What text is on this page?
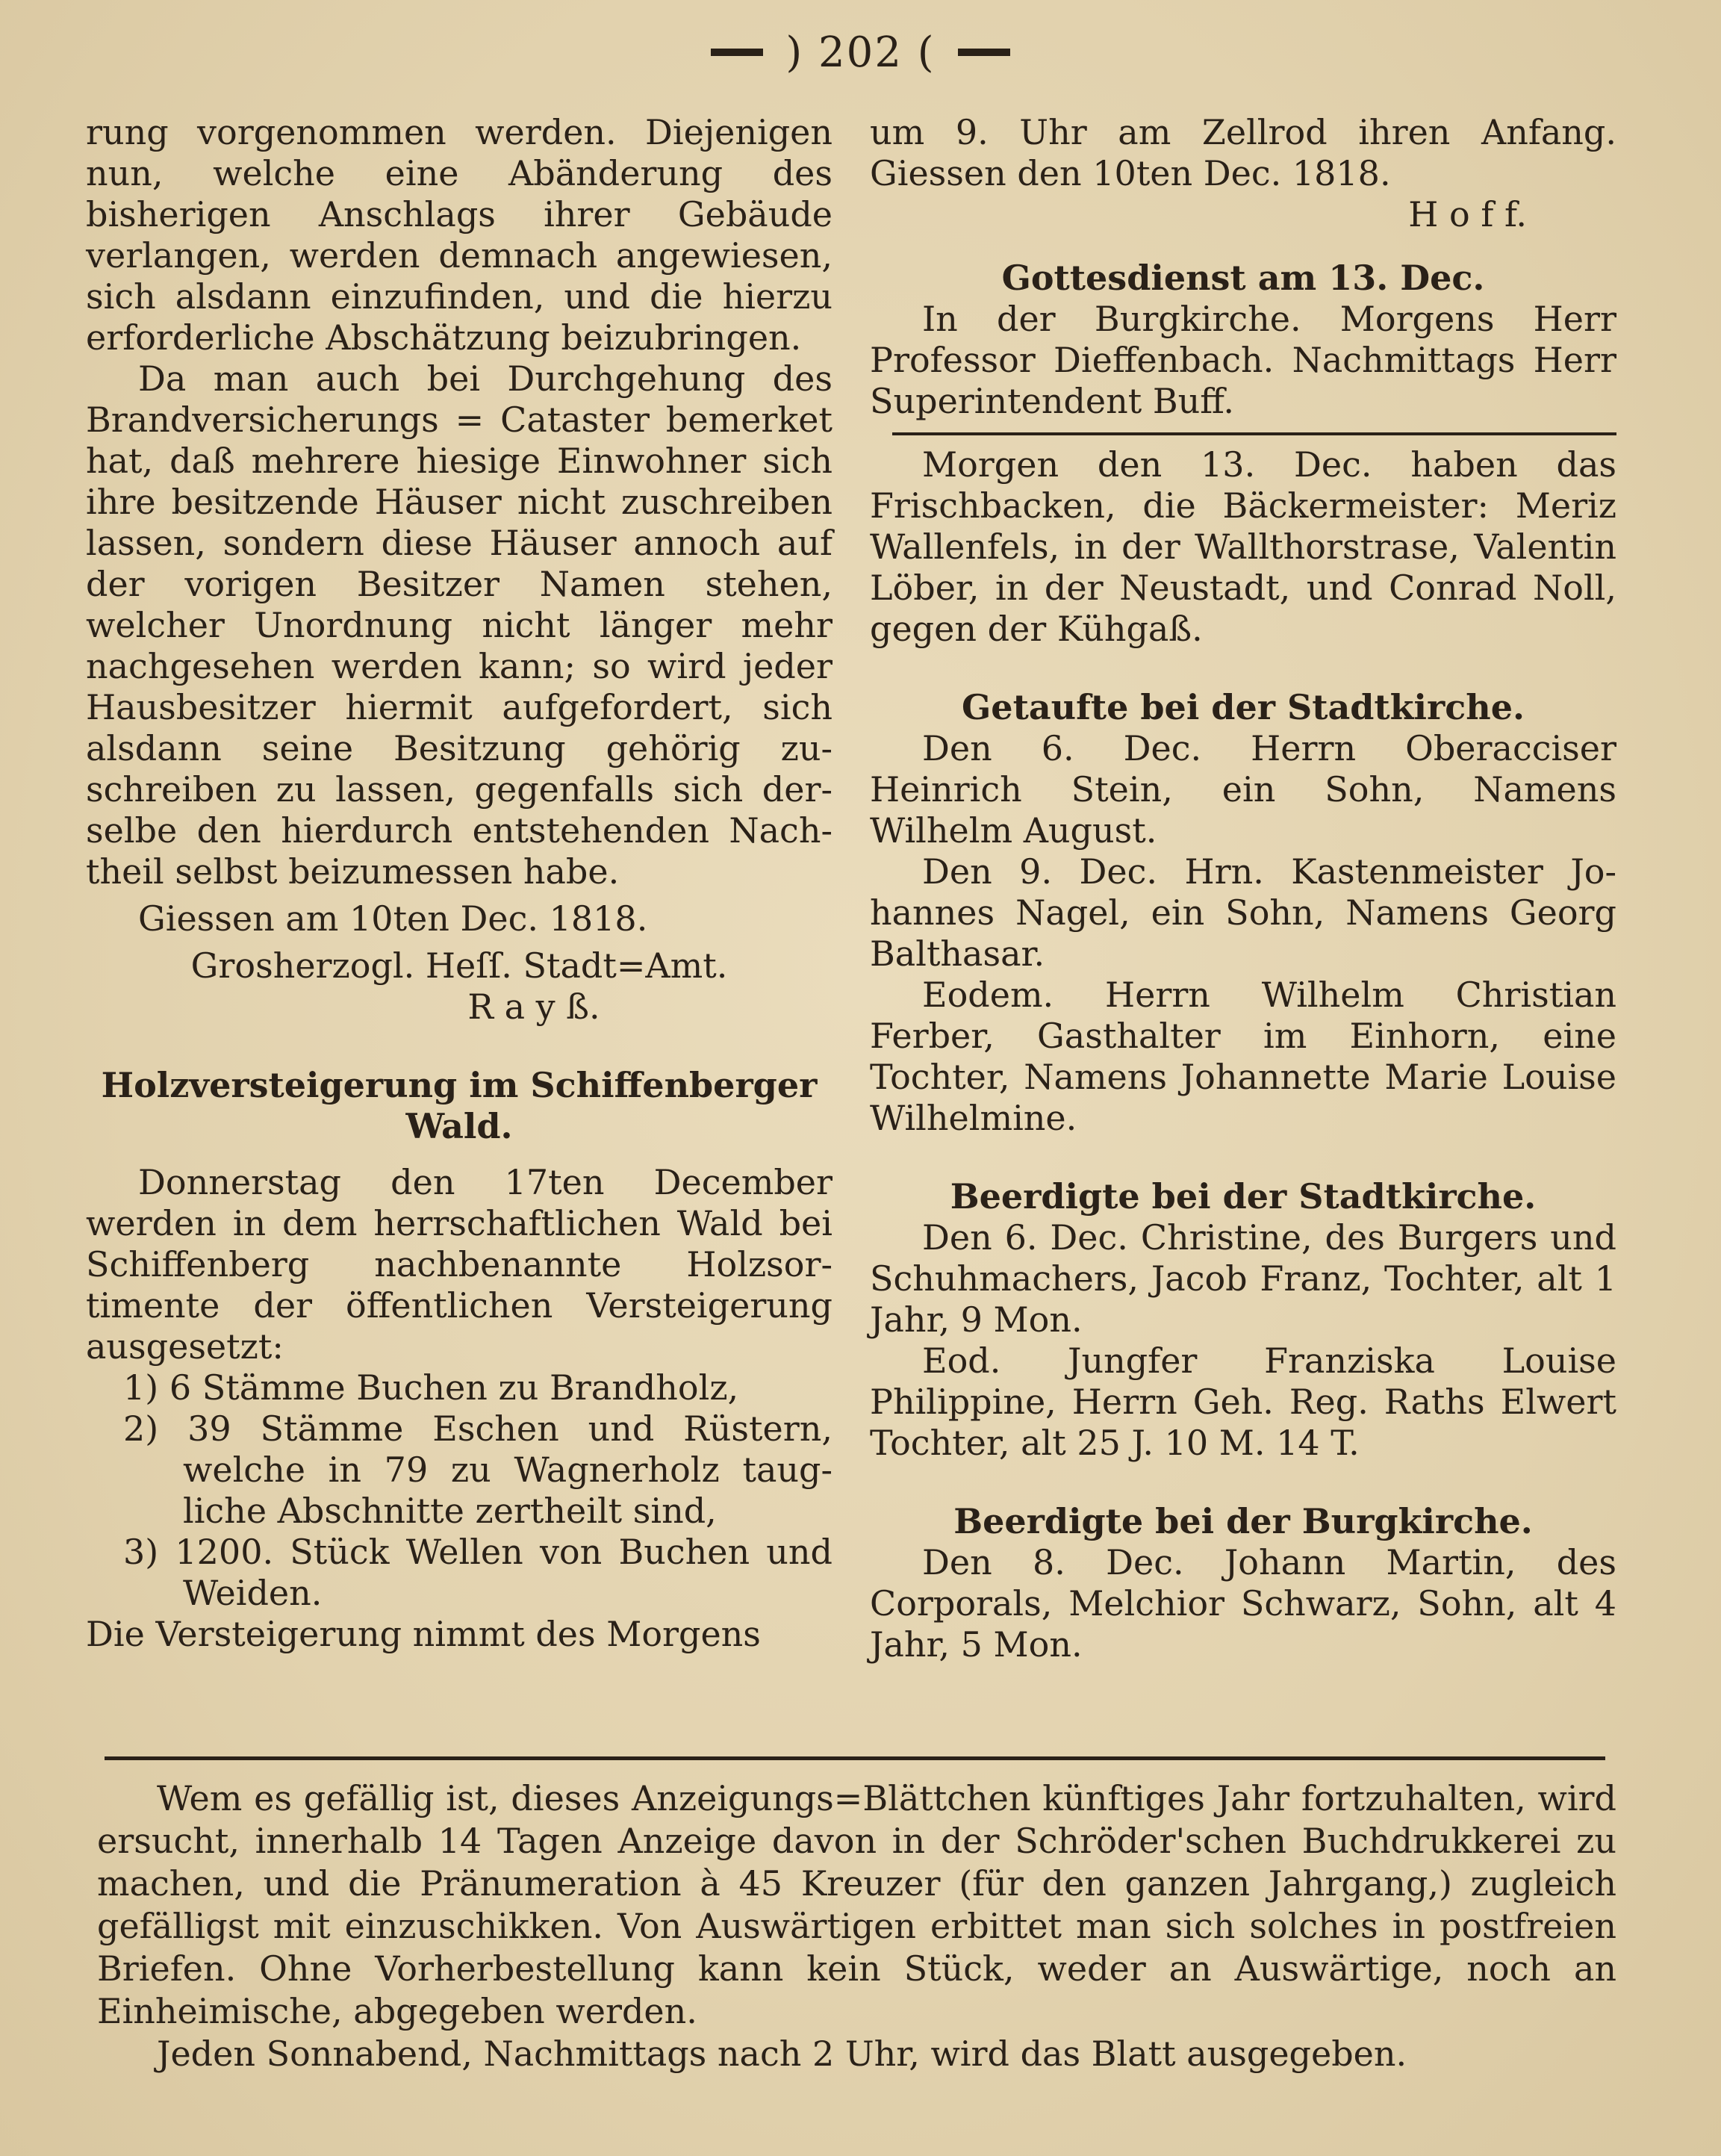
) 202 (

rung vorgenommen werden. Diejenigen nun, welche eine Abänderung des bisherigen Anschlags ihrer Gebäude verlangen, werden demnach angewiesen, sich alsdann einzufinden, und die hierzu erforderliche Abschätzung beizubringen.

Da man auch bei Durchgehung des Brandversicherungs = Cataster bemerket hat, daß mehrere hiesige Einwohner sich ihre besitzende Häuser nicht zuschreiben lassen, sondern diese Häuser annoch auf der vorigen Besitzer Namen stehen, welcher Unordnung nicht länger mehr nachgesehen werden kann; so wird jeder Hausbesitzer hiermit aufgefordert, sich alsdann seine Besitzung gehörig zuschreiben zu lassen, gegenfalls sich derselbe den hierdurch entstehenden Nachtheil selbst beizumessen habe.

Giessen am 10ten Dec. 1818.

Grosherzogl. Heſſ. Stadt=Amt.

R a y ß.

Holzversteigerung im Schiffenberger Wald.

Donnerstag den 17ten December werden in dem herrschaftlichen Wald bei Schiffenberg nachbenannte Holzsortimente der öffentlichen Versteigerung ausgesetzt:

1) 6 Stämme Buchen zu Brandholz,

2) 39 Stämme Eschen und Rüstern, welche in 79 zu Wagnerholz taugliche Abschnitte zertheilt sind,

3) 1200. Stück Wellen von Buchen und Weiden.

Die Versteigerung nimmt des Morgens

um 9. Uhr am Zellrod ihren Anfang. Giessen den 10ten Dec. 1818.

H o f f.

Gottesdienst am 13. Dec.

In der Burgkirche. Morgens Herr Professor Dieffenbach. Nachmittags Herr Superintendent Buff.

Morgen den 13. Dec. haben das Frischbacken, die Bäckermeister: Meriz Wallenfels, in der Wallthorstrase, Valentin Löber, in der Neustadt, und Conrad Noll, gegen der Kühgaß.

Getaufte bei der Stadtkirche.

Den 6. Dec. Herrn Oberacciser Heinrich Stein, ein Sohn, Namens Wilhelm August.

Den 9. Dec. Hrn. Kastenmeister Johannes Nagel, ein Sohn, Namens Georg Balthasar.

Eodem. Herrn Wilhelm Christian Ferber, Gasthalter im Einhorn, eine Tochter, Namens Johannette Marie Louise Wilhelmine.

Beerdigte bei der Stadtkirche.

Den 6. Dec. Christine, des Burgers und Schuhmachers, Jacob Franz, Tochter, alt 1 Jahr, 9 Mon.

Eod. Jungfer Franziska Louise Philippine, Herrn Geh. Reg. Raths Elwert Tochter, alt 25 J. 10 M. 14 T.

Beerdigte bei der Burgkirche.

Den 8. Dec. Johann Martin, des Corporals, Melchior Schwarz, Sohn, alt 4 Jahr, 5 Mon.

Wem es gefällig ist, dieses Anzeigungs=Blättchen künftiges Jahr fortzuhalten, wird ersucht, innerhalb 14 Tagen Anzeige davon in der Schröder'schen Buchdrukkerei zu machen, und die Pränumeration à 45 Kreuzer (für den ganzen Jahrgang,) zugleich gefälligst mit einzuschikken. Von Auswärtigen erbittet man sich solches in postfreien Briefen. Ohne Vorherbestellung kann kein Stück, weder an Auswärtige, noch an Einheimische, abgegeben werden.

Jeden Sonnabend, Nachmittags nach 2 Uhr, wird das Blatt ausgegeben.
